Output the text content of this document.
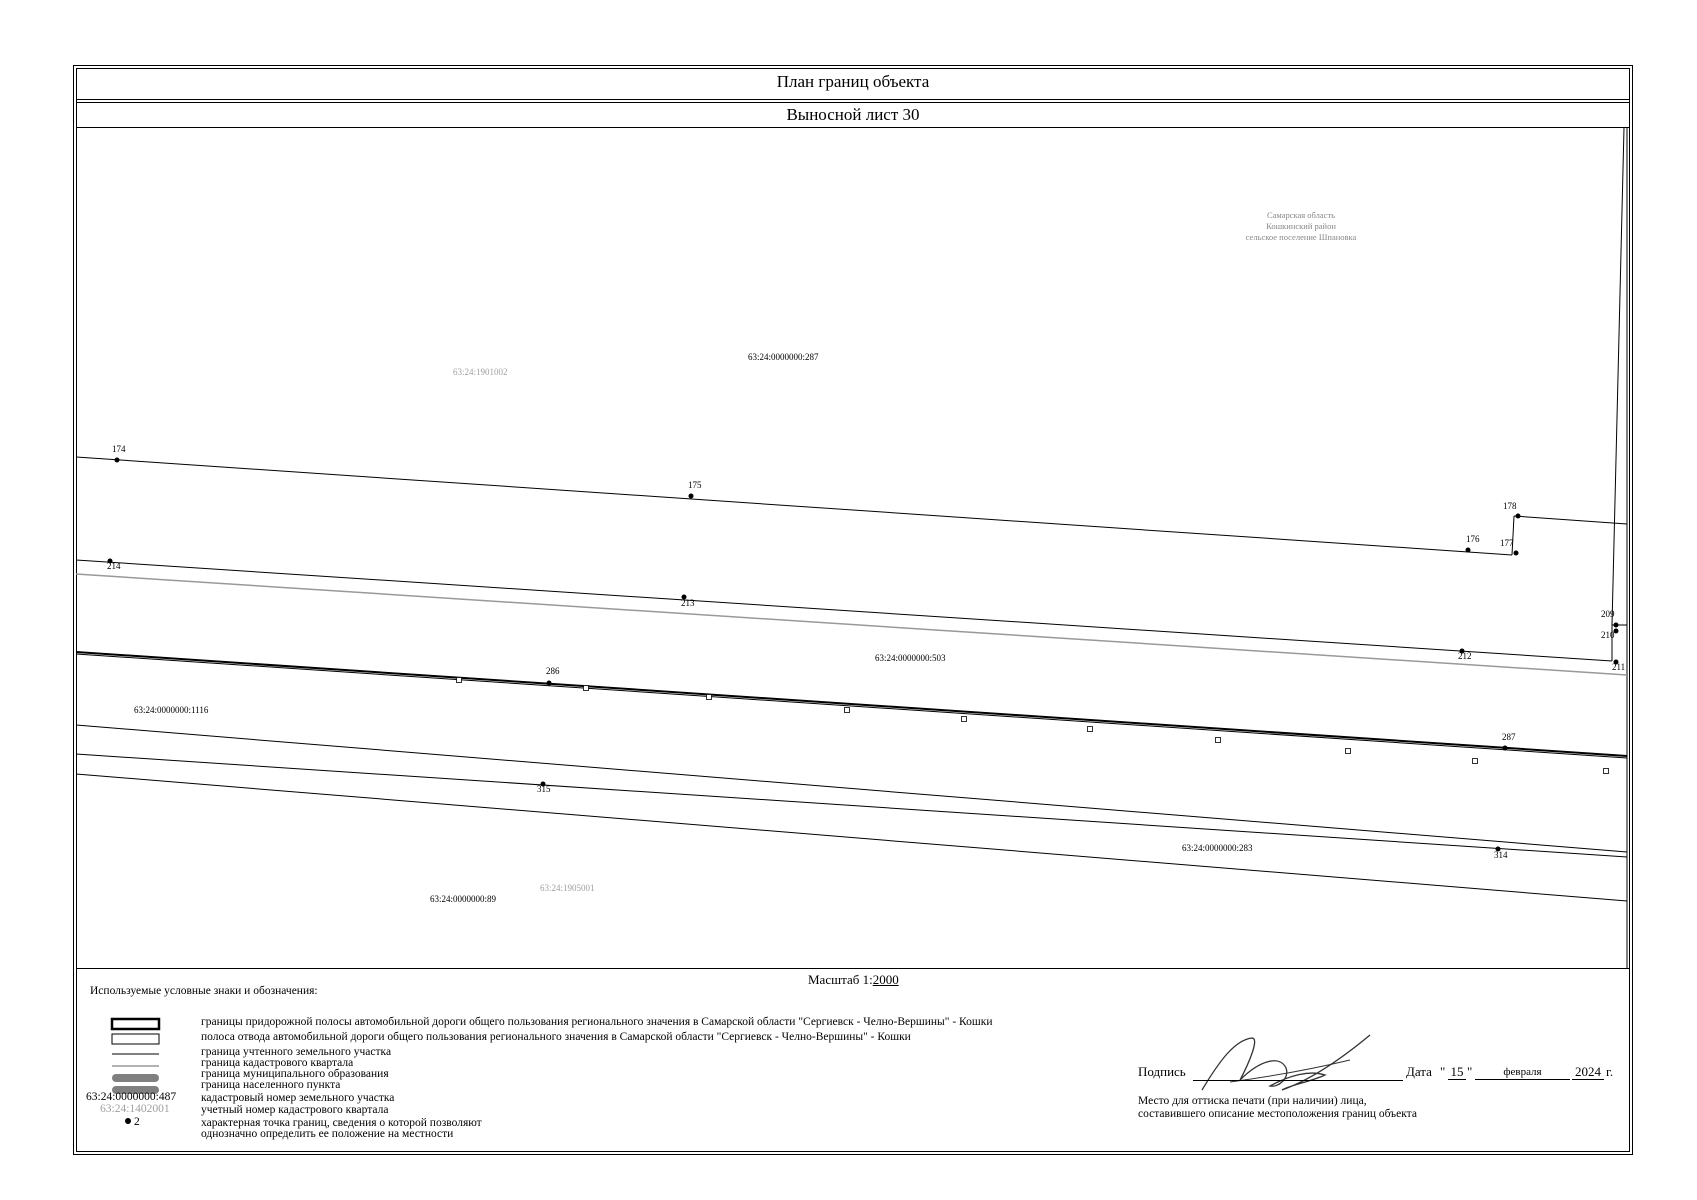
План границ объекта
Выносной лист 30
174
175
176 177
178
209
210
211
212
213
214
286
287
314
315
63:24:0000000:287
63:24:0000000:503
63:24:0000000:1116
63:24:0000000:283
63:24:0000000:89
63:24:1901002
63:24:1905001
Самарская область
Кошкинский район
сельское поселение Шпановка
Масштаб 1:2000
Используемые условные знаки и обозначения:
63:24:0000000:487
63:24:1402001
2
границы придорожной полосы автомобильной дороги общего пользования регионального значения в Самарской области "Сергиевск - Челно-Вершины" - Кошки
полоса отвода автомобильной дороги общего пользования регионального значения в Самарской области "Сергиевск - Челно-Вершины" - Кошки
граница учтенного земельного участка
граница кадастрового квартала
граница муниципального образования
граница населенного пункта
кадастровый номер земельного участка
учетный номер кадастрового квартала
характерная точка границ, сведения о которой позволяют
однозначно определить ее положение на местности
Подпись	Дата " 15 "	февраля	2024 г.
Место для оттиска печати (при наличии) лица,
составившего описание местоположения границ объекта
